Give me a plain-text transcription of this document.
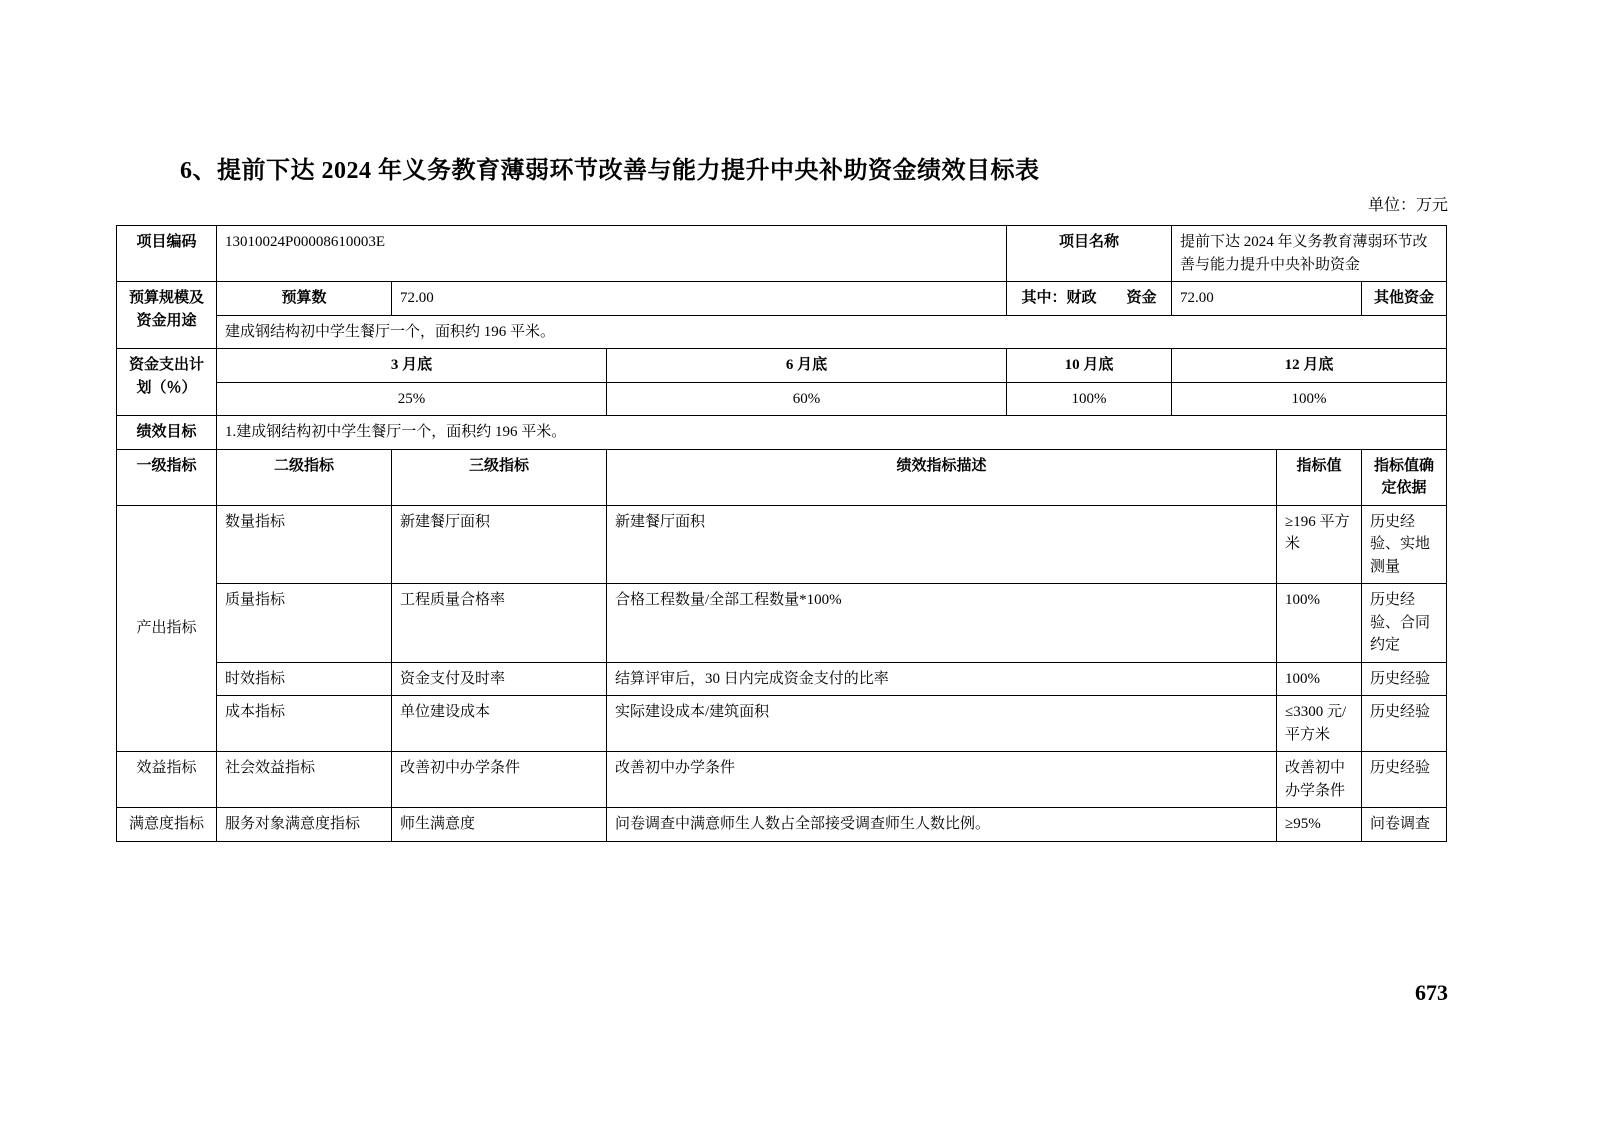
6、提前下达 2024 年义务教育薄弱环节改善与能力提升中央补助资金绩效目标表
单位：万元
项目编码	13010024P00008610003E			项目名称	提前下达 2024 年义务教育薄弱环节改善与能力提升中央补助资金		
预算规模及资金用途	预算数	72.00		其中：财政　　资金	72.00		其他资金
	建成钢结构初中学生餐厅一个，面积约 196 平米。						
资金支出计划（％）	3 月底		6 月底	10 月底	12 月底		
	25%		60%	100%	100%		
绩效目标	1.建成钢结构初中学生餐厅一个，面积约 196 平米。						
一级指标	二级指标	三级指标	绩效指标描述			指标值	指标值确定依据
产出指标	数量指标	新建餐厅面积	新建餐厅面积			≥196 平方米	历史经验、实地测量
	质量指标	工程质量合格率	合格工程数量/全部工程数量*100%			100%	历史经验、合同约定
	时效指标	资金支付及时率	结算评审后，30 日内完成资金支付的比率			100%	历史经验
	成本指标	单位建设成本	实际建设成本/建筑面积			≤3300 元/平方米	历史经验
效益指标	社会效益指标	改善初中办学条件	改善初中办学条件			改善初中办学条件	历史经验
满意度指标	服务对象满意度指标	师生满意度	问卷调查中满意师生人数占全部接受调查师生人数比例。			≥95%	问卷调查
673
